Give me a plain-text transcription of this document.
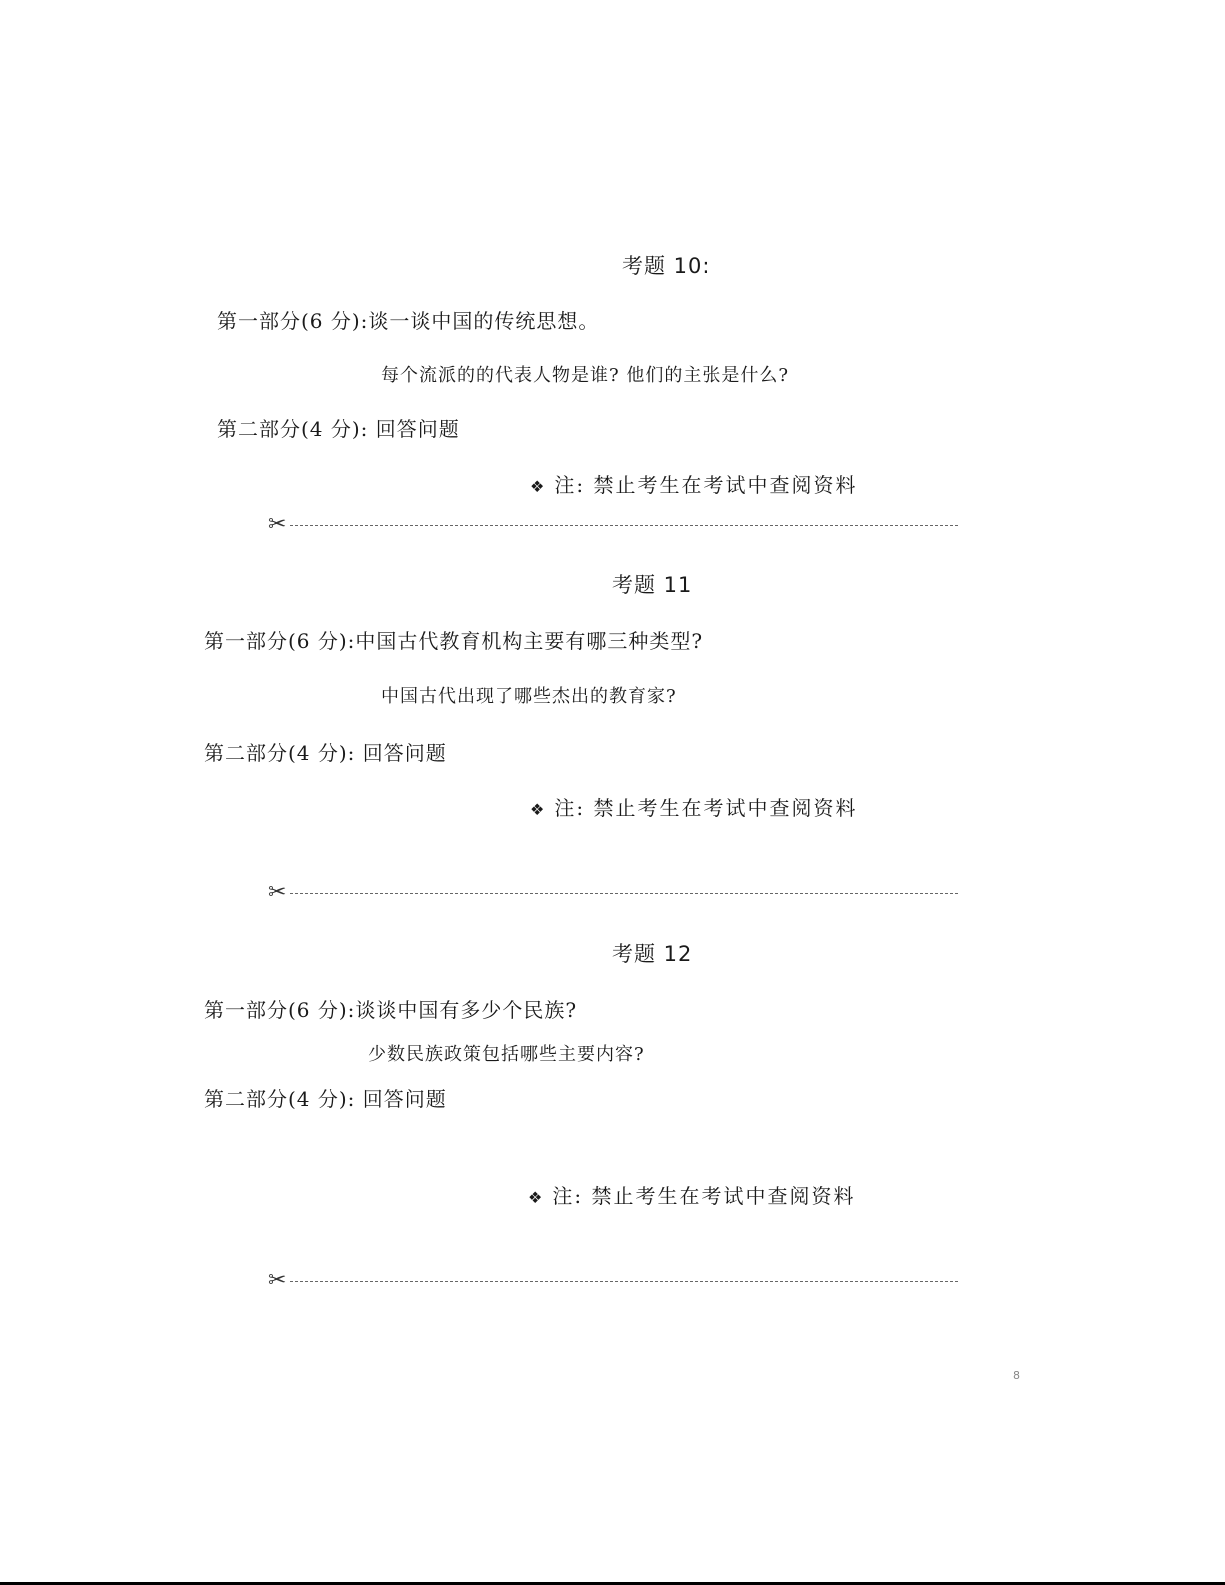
考题 10:
第一部分(6 分):谈一谈中国的传统思想。
每个流派的的代表人物是谁? 他们的主张是什么?
第二部分(4 分): 回答问题
❖ 注: 禁止考生在考试中查阅资料
✂
考题 11
第一部分(6 分):中国古代教育机构主要有哪三种类型?
中国古代出现了哪些杰出的教育家?
第二部分(4 分): 回答问题
❖ 注: 禁止考生在考试中查阅资料
✂
考题 12
第一部分(6 分):谈谈中国有多少个民族?
少数民族政策包括哪些主要内容?
第二部分(4 分): 回答问题
❖ 注: 禁止考生在考试中查阅资料
✂
8
